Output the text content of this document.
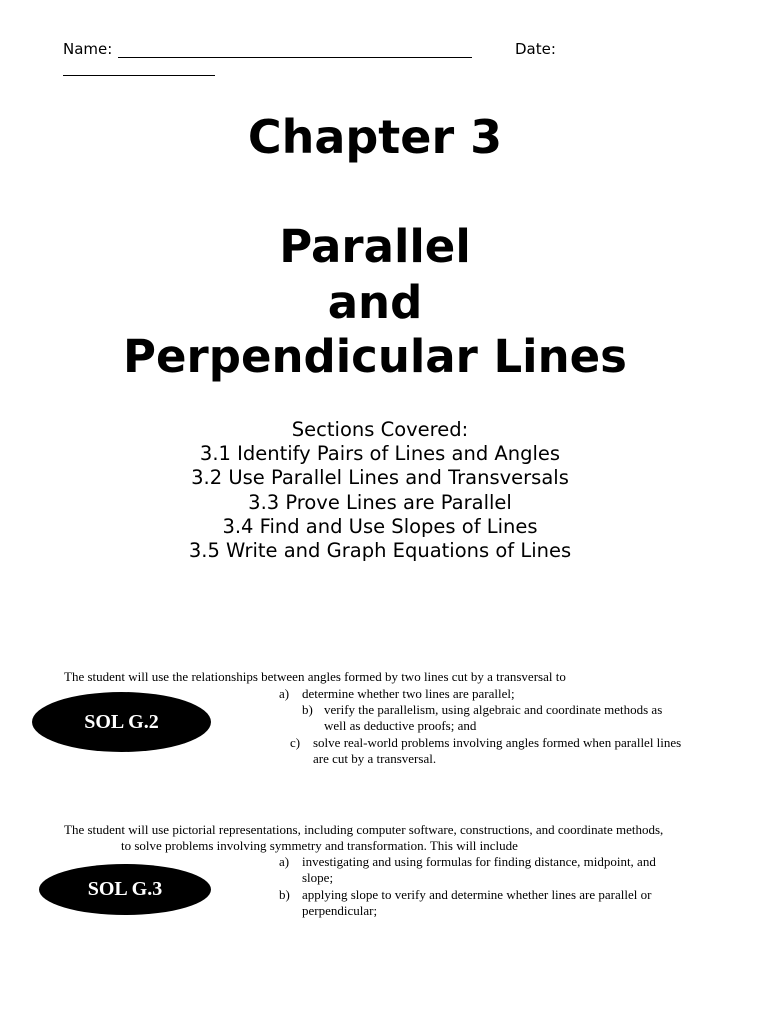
Name:	Date:
Chapter 3
Parallel
and
Perpendicular Lines
Sections Covered:
3.1 Identify Pairs of Lines and Angles
3.2 Use Parallel Lines and Transversals
3.3 Prove Lines are Parallel
3.4 Find and Use Slopes of Lines
3.5 Write and Graph Equations of Lines
The student will use the relationships between angles formed by two lines cut by a transversal to
a) determine whether two lines are parallel;
b) verify the parallelism, using algebraic and coordinate methods as
well as deductive proofs; and
c) solve real-world problems involving angles formed when parallel lines
are cut by a transversal.
SOL G.2
The student will use pictorial representations, including computer software, constructions, and coordinate methods,
to solve problems involving symmetry and transformation. This will include
a) investigating and using formulas for finding distance, midpoint, and
slope;
b) applying slope to verify and determine whether lines are parallel or
perpendicular;
SOL G.3
